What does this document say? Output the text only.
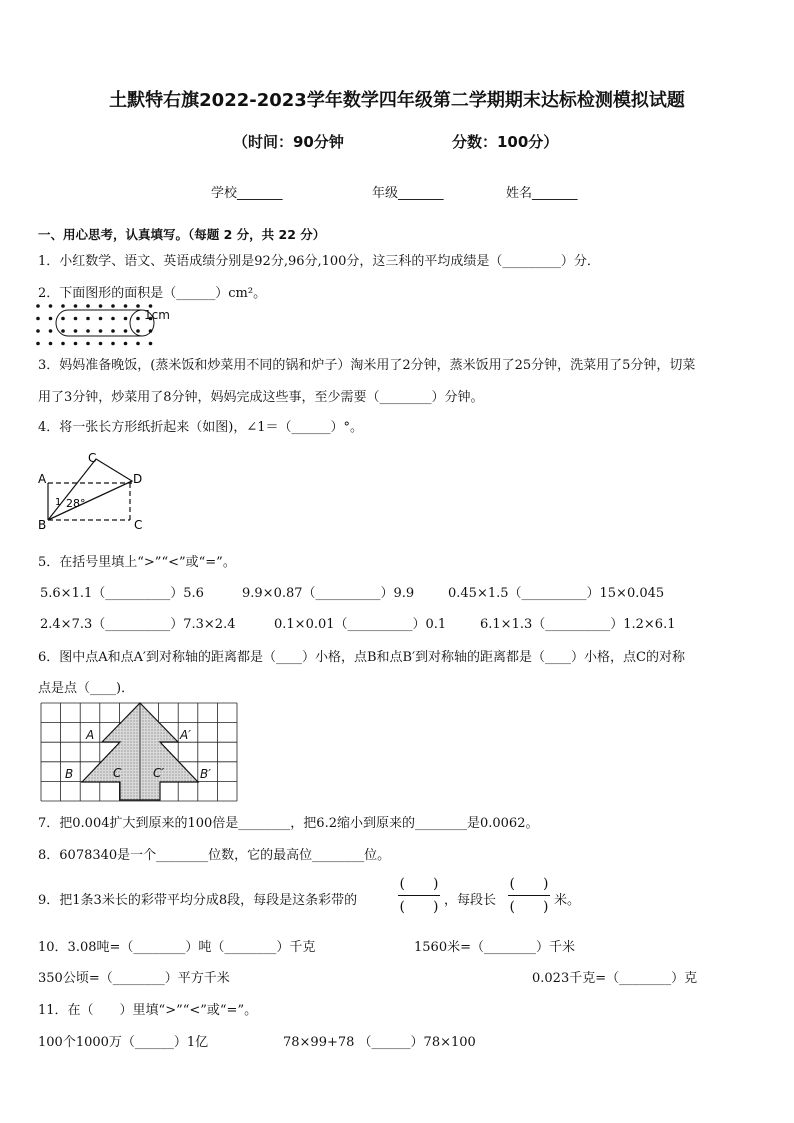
土默特右旗2022-2023学年数学四年级第二学期期末达标检测模拟试题
（时间：90分钟	分数：100分）
学校_______	年级_______	姓名_______
一、用心思考，认真填写。（每题 2 分，共 22 分）
1．小红数学、语文、英语成绩分别是92分,96分,100分，这三科的平均成绩是（_________）分．
2．下面图形的面积是（______）cm²。
1cm
3．妈妈准备晚饭，(蒸米饭和炒菜用不同的锅和炉子）淘米用了2分钟，蒸米饭用了25分钟，洗菜用了5分钟，切菜
用了3分钟，炒菜用了8分钟，妈妈完成这些事，至少需要（________）分钟。
4．将一张长方形纸折起来（如图)，∠1＝（______）°。
A
B
C
C
D
1 28°
5．在括号里填上“>”“<”或“=”。
5.6×1.1（__________）5.6	9.9×0.87（__________）9.9	0.45×1.5（__________）15×0.045
2.4×7.3（__________）7.3×2.4	0.1×0.01（__________）0.1	6.1×1.3（__________）1.2×6.1
6．图中点A和点A′到对称轴的距离都是（____）小格，点B和点B′到对称轴的距离都是（____）小格，点C的对称
点是点（____)．
A	A′
B	B′
C	C′
7．把0.004扩大到原来的100倍是________，把6.2缩小到原来的________是0.0062。
8．6078340是一个________位数，它的最高位________位。
9．把1条3米长的彩带平均分成8段，每段是这条彩带的
(　　)
(　　) ，每段长
(　　)
(　　) 米。
10．3.08吨=（________）吨（________）千克	1560米=（________）千米
350公顷=（________）平方千米	0.023千克=（________）克
11．在（　　）里填“>”“<”或“=”。
100个1000万（______）1亿	78×99+78 （______）78×100
